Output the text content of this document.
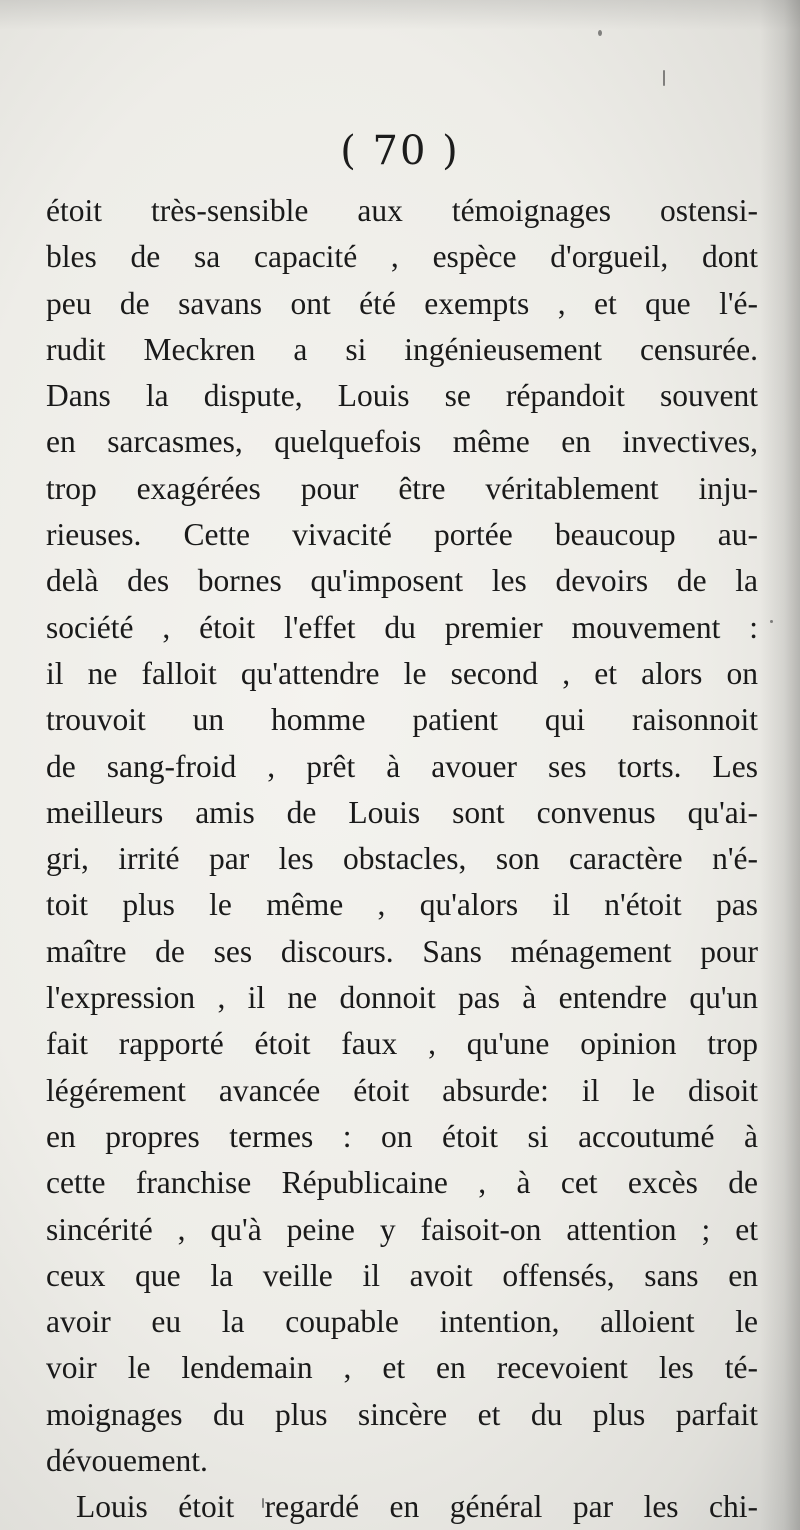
( 70 )
étoit très-sensible aux témoignages ostensi-
bles de sa capacité , espèce d'orgueil, dont
peu de savans ont été exempts , et que l'é-
rudit Meckren a si ingénieusement censurée.
Dans la dispute, Louis se répandoit souvent
en sarcasmes, quelquefois même en invectives,
trop exagérées pour être véritablement inju-
rieuses. Cette vivacité portée beaucoup au-
delà des bornes qu'imposent les devoirs de la
société , étoit l'effet du premier mouvement :
il ne falloit qu'attendre le second , et alors on
trouvoit un homme patient qui raisonnoit
de sang-froid , prêt à avouer ses torts. Les
meilleurs amis de Louis sont convenus qu'ai-
gri, irrité par les obstacles, son caractère n'é-
toit plus le même , qu'alors il n'étoit pas
maître de ses discours. Sans ménagement pour
l'expression , il ne donnoit pas à entendre qu'un
fait rapporté étoit faux , qu'une opinion trop
légérement avancée étoit absurde: il le disoit
en propres termes : on étoit si accoutumé à
cette franchise Républicaine , à cet excès de
sincérité , qu'à peine y faisoit-on attention ; et
ceux que la veille il avoit offensés, sans en
avoir eu la coupable intention, alloient le
voir le lendemain , et en recevoient les té-
moignages du plus sincère et du plus parfait
dévouement.
Louis étoit regardé en général par les chi-
